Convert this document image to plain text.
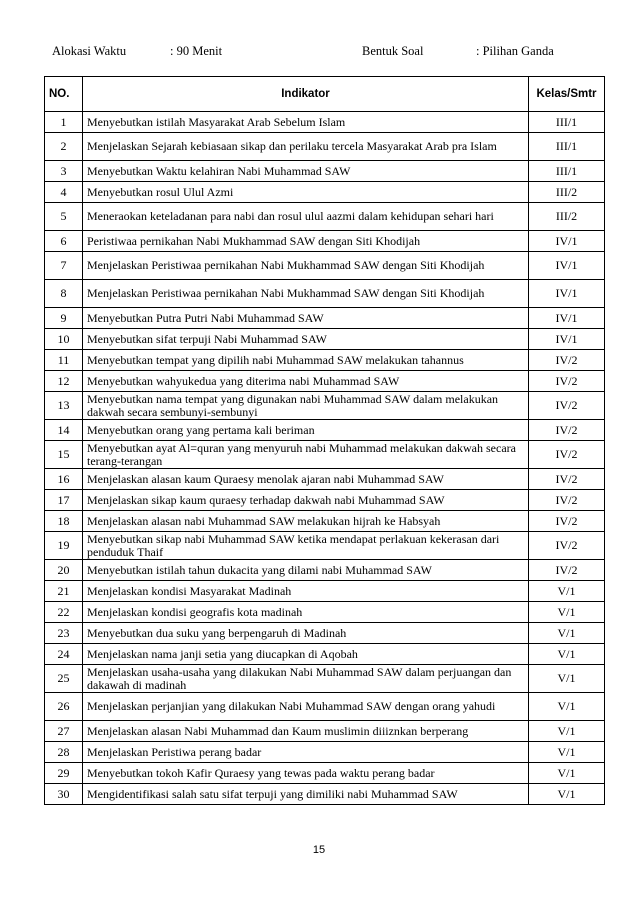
Alokasi Waktu	: 90 Menit	Bentuk Soal	: Pilihan Ganda
NO.	Indikator	Kelas/Smtr
1	Menyebutkan istilah Masyarakat Arab Sebelum Islam	III/1
2	Menjelaskan Sejarah kebiasaan sikap dan perilaku tercela Masyarakat Arab pra Islam	III/1
3	Menyebutkan Waktu kelahiran Nabi Muhammad SAW	III/1
4	Menyebutkan rosul Ulul Azmi	III/2
5	Meneraokan keteladanan para nabi dan rosul ulul aazmi dalam kehidupan sehari hari	III/2
6	Peristiwaa pernikahan Nabi Mukhammad SAW dengan Siti Khodijah	IV/1
7	Menjelaskan Peristiwaa pernikahan Nabi Mukhammad SAW dengan Siti Khodijah	IV/1
8	Menjelaskan Peristiwaa pernikahan Nabi Mukhammad SAW dengan Siti Khodijah	IV/1
9	Menyebutkan Putra Putri Nabi Muhammad SAW	IV/1
10	Menyebutkan sifat terpuji Nabi Muhammad SAW	IV/1
11	Menyebutkan tempat yang dipilih nabi Muhammad SAW melakukan tahannus	IV/2
12	Menyebutkan wahyukedua yang diterima nabi Muhammad SAW	IV/2
13	Menyebutkan nama tempat yang digunakan nabi Muhammad SAW dalam melakukan dakwah secara sembunyi-sembunyi	IV/2
14	Menyebutkan orang yang pertama kali beriman	IV/2
15	Menyebutkan ayat Al=quran yang menyuruh nabi Muhammad melakukan dakwah secara terang-terangan	IV/2
16	Menjelaskan alasan kaum Quraesy menolak ajaran nabi Muhammad SAW	IV/2
17	Menjelaskan sikap kaum quraesy terhadap dakwah nabi Muhammad SAW	IV/2
18	Menjelaskan alasan nabi Muhammad SAW melakukan hijrah ke Habsyah	IV/2
19	Menyebutkan sikap nabi Muhammad SAW ketika mendapat perlakuan kekerasan dari penduduk Thaif	IV/2
20	Menyebutkan istilah tahun dukacita yang dilami nabi Muhammad SAW	IV/2
21	Menjelaskan kondisi Masyarakat Madinah	V/1
22	Menjelaskan kondisi geografis kota madinah	V/1
23	Menyebutkan dua suku yang berpengaruh di Madinah	V/1
24	Menjelaskan nama janji setia yang diucapkan di Aqobah	V/1
25	Menjelaskan usaha-usaha yang dilakukan Nabi Muhammad SAW dalam perjuangan dan dakawah di madinah	V/1
26	Menjelaskan perjanjian yang dilakukan Nabi Muhammad SAW dengan orang yahudi	V/1
27	Menjelaskan alasan Nabi Muhammad dan Kaum muslimin diiiznkan berperang	V/1
28	Menjelaskan Peristiwa perang badar	V/1
29	Menyebutkan tokoh Kafir Quraesy yang tewas pada waktu perang badar	V/1
30	Mengidentifikasi salah satu sifat terpuji yang dimiliki nabi Muhammad SAW	V/1
15
